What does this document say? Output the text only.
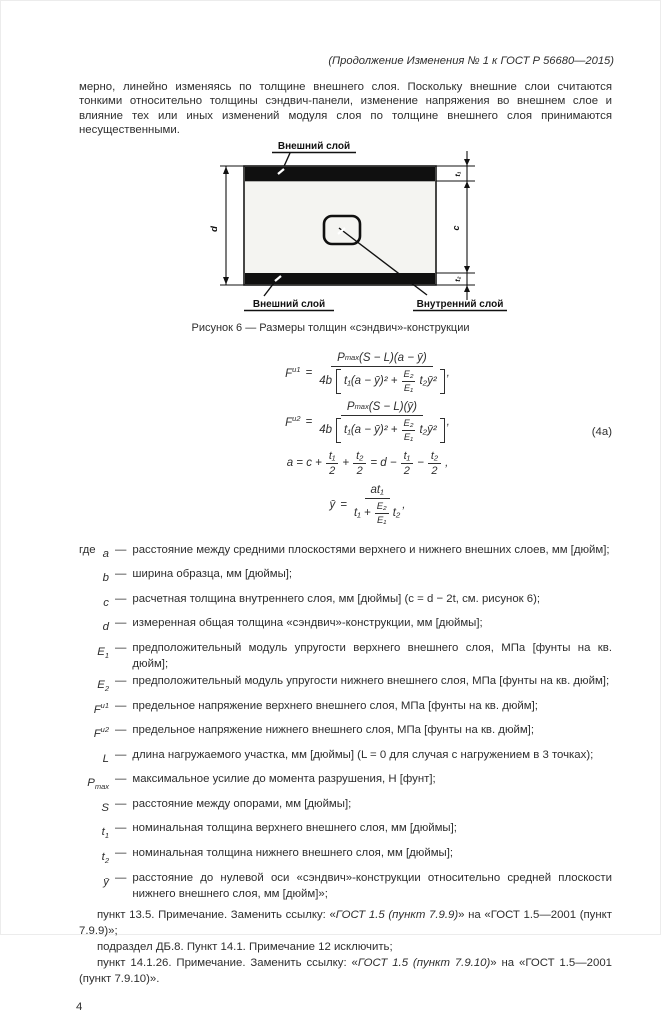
(Продолжение Изменения № 1 к ГОСТ Р 56680—2015)

мерно, линейно изменяясь по толщине внешнего слоя. Поскольку внешние слои считаются тонкими относительно толщины сэндвич-панели, изменение напряжения во внешнем слое и влияние тех или иных изменений модуля слоя по толщине внешнего слоя принимаются несущественными.

Внешний слой
d
t₁
c
t₂
Внешний слой	Внутренний слой
Рисунок 6 — Размеры толщин «сэндвич»-конструкции
$F^{u1} = P$ max (S − L)(a − ȳ)
4b t₁(a − ȳ)²
+ $\frac{\text{E₂}}{\text{E₁}}$ t₂ȳ² ,
$F^{u2} = P$ max (S − L)(ȳ)
4b t₁(a − ȳ)²
+ $\frac{\text{E₂}}{\text{E₁}}$ t₂ȳ² ,
(4a)
$a = c + \frac{\text{t₁}}{2} + \frac{\text{t₂}}{2} = d - \frac{\text{t₁}}{2} - \frac{\text{t₂}}{2}$ ,
ȳ = $\frac{\text{at₁}}{t_1 + \frac{\text{E₂}}{\text{E₁}} t_2}$ ,
где a — расстояние между средними плоскостями верхнего и нижнего внешних слоев, мм [дюйм];
b — ширина образца, мм [дюймы];
c — расчетная толщина внутреннего слоя, мм [дюймы] (c = d − 2t, см. рисунок 6);
d — измеренная общая толщина «сэндвич»-конструкции, мм [дюймы];
$E_1$
— предположительный модуль упругости верхнего внешнего слоя, МПа [фунты на кв. дюйм];
$E_2$
— предположительный модуль упругости нижнего внешнего слоя, МПа [фунты на кв. дюйм];
$F^{u1}$ — предельное напряжение верхнего внешнего слоя, МПа [фунты на кв. дюйм];
$F^{u2}$ — предельное напряжение нижнего внешнего слоя, МПа [фунты на кв. дюйм];
L — длина нагружаемого участка, мм [дюймы] (L = 0 для случая с нагружением в 3 точках);
$P_{max}$
— максимальное усилие до момента разрушения, Н [фунт];
S — расстояние между опорами, мм [дюймы];
$t_1$
— номинальная толщина верхнего внешнего слоя, мм [дюймы];
$t_2$
— номинальная толщина нижнего внешнего слоя, мм [дюймы];
ȳ — расстояние до нулевой оси «сэндвич»-конструкции относительно средней плоскости нижнего внешнего слоя, мм [дюйм]»;

пункт 13.5. Примечание. Заменить ссылку: «ГОСТ 1.5 (пункт 7.9.9)» на «ГОСТ 1.5—2001 (пункт 7.9.9)»;

подраздел ДБ.8. Пункт 14.1. Примечание 12 исключить;

пункт 14.1.26. Примечание. Заменить ссылку: «ГОСТ 1.5 (пункт 7.9.10)» на «ГОСТ 1.5—2001 (пункт 7.9.10)».

4
